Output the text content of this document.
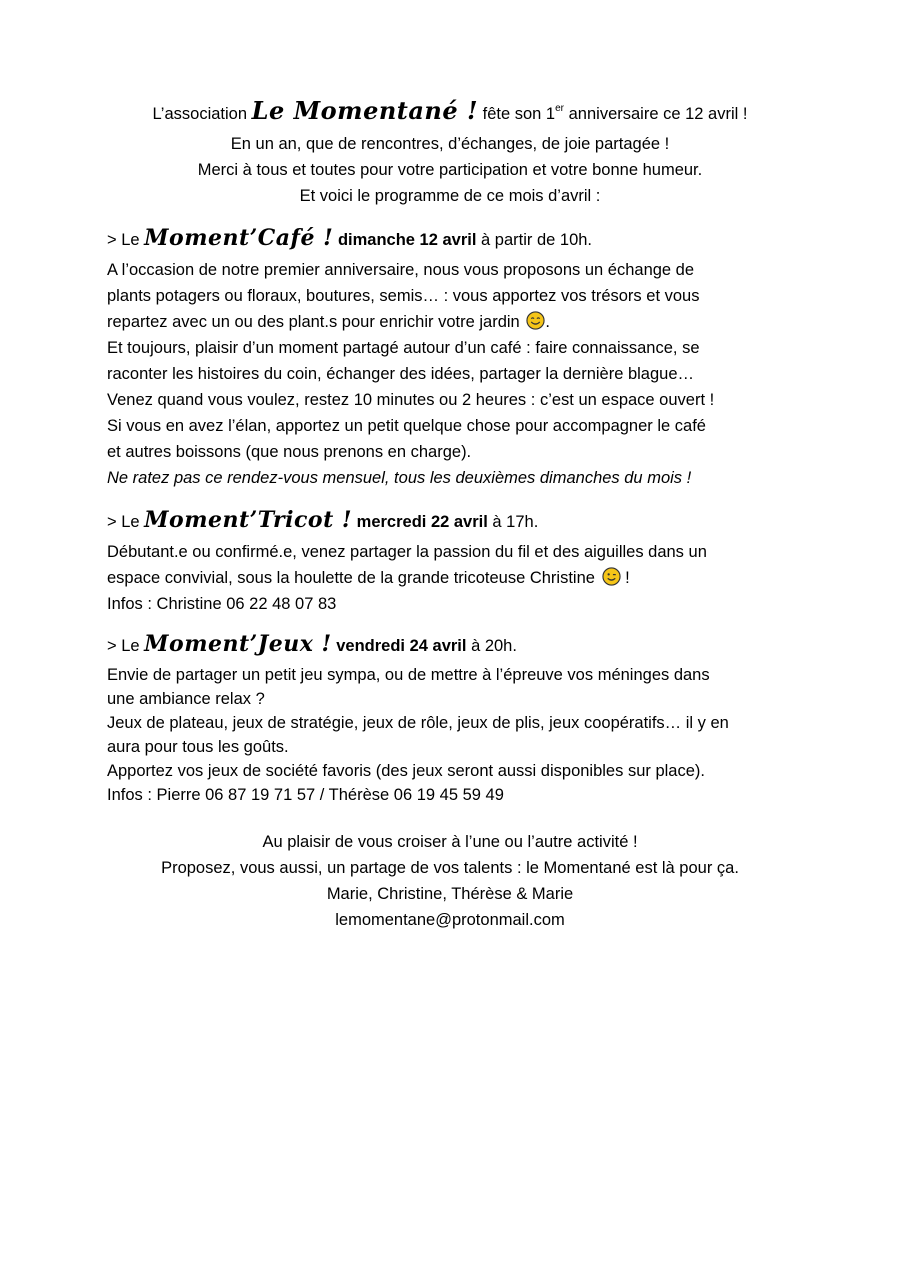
L’association Le Momentané ! fête son 1er anniversaire ce 12 avril !
En un an, que de rencontres, d’échanges, de joie partagée !
Merci à tous et toutes pour votre participation et votre bonne humeur.
Et voici le programme de ce mois d’avril :
> Le Moment’Café ! dimanche 12 avril à partir de 10h.
A l’occasion de notre premier anniversaire, nous vous proposons un échange de
plants potagers ou floraux, boutures, semis… : vous apportez vos trésors et vous
repartez avec un ou des plant.s pour enrichir votre jardin .
Et toujours, plaisir d’un moment partagé autour d’un café : faire connaissance, se
raconter les histoires du coin, échanger des idées, partager la dernière blague…
Venez quand vous voulez, restez 10 minutes ou 2 heures : c’est un espace ouvert !
Si vous en avez l’élan, apportez un petit quelque chose pour accompagner le café
et autres boissons (que nous prenons en charge).
Ne ratez pas ce rendez-vous mensuel, tous les deuxièmes dimanches du mois !
> Le Moment’Tricot ! mercredi 22 avril à 17h.
Débutant.e ou confirmé.e, venez partager la passion du fil et des aiguilles dans un
espace convivial, sous la houlette de la grande tricoteuse Christine !
Infos : Christine 06 22 48 07 83
> Le Moment’Jeux ! vendredi 24 avril à 20h.
Envie de partager un petit jeu sympa, ou de mettre à l’épreuve vos méninges dans
une ambiance relax ?
Jeux de plateau, jeux de stratégie, jeux de rôle, jeux de plis, jeux coopératifs… il y en
aura pour tous les goûts.
Apportez vos jeux de société favoris (des jeux seront aussi disponibles sur place).
Infos : Pierre 06 87 19 71 57 / Thérèse 06 19 45 59 49
Au plaisir de vous croiser à l’une ou l’autre activité !
Proposez, vous aussi, un partage de vos talents : le Momentané est là pour ça.
Marie, Christine, Thérèse & Marie
lemomentane@protonmail.com
